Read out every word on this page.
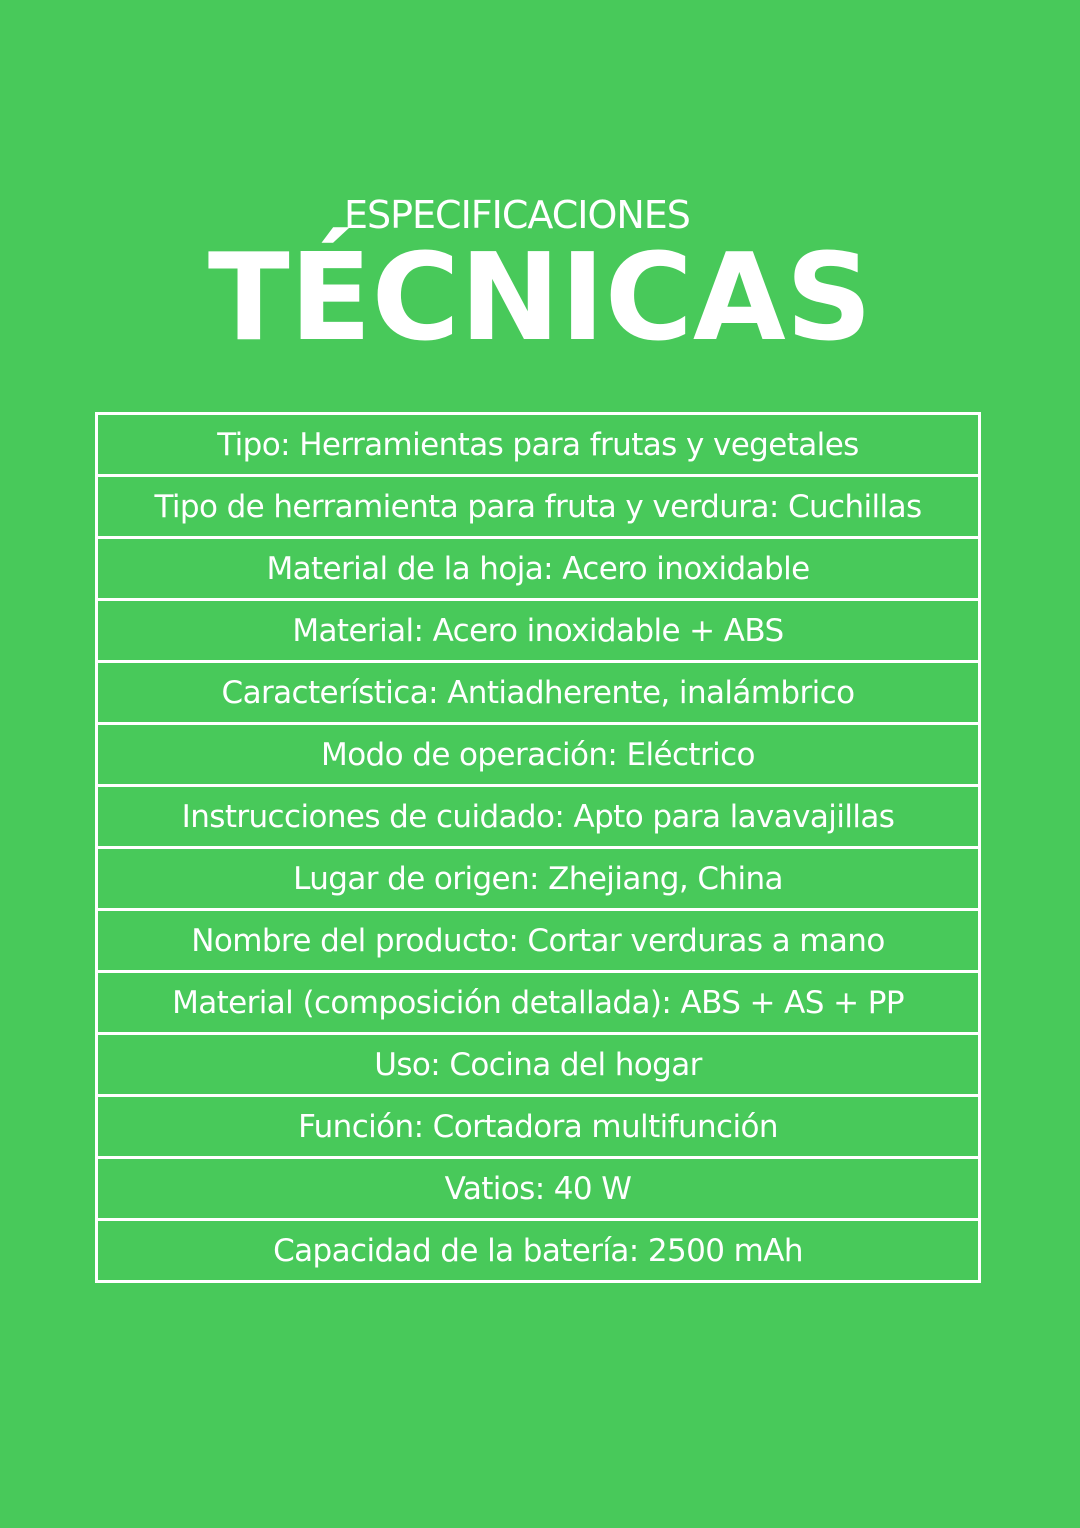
ESPECIFICACIONES
TÉCNICAS
Tipo: Herramientas para frutas y vegetales
Tipo de herramienta para fruta y verdura: Cuchillas
Material de la hoja: Acero inoxidable
Material: Acero inoxidable + ABS
Característica: Antiadherente, inalámbrico
Modo de operación: Eléctrico
Instrucciones de cuidado: Apto para lavavajillas
Lugar de origen: Zhejiang, China
Nombre del producto: Cortar verduras a mano
Material (composición detallada): ABS + AS + PP
Uso: Cocina del hogar
Función: Cortadora multifunción
Vatios: 40 W
Capacidad de la batería: 2500 mAh
